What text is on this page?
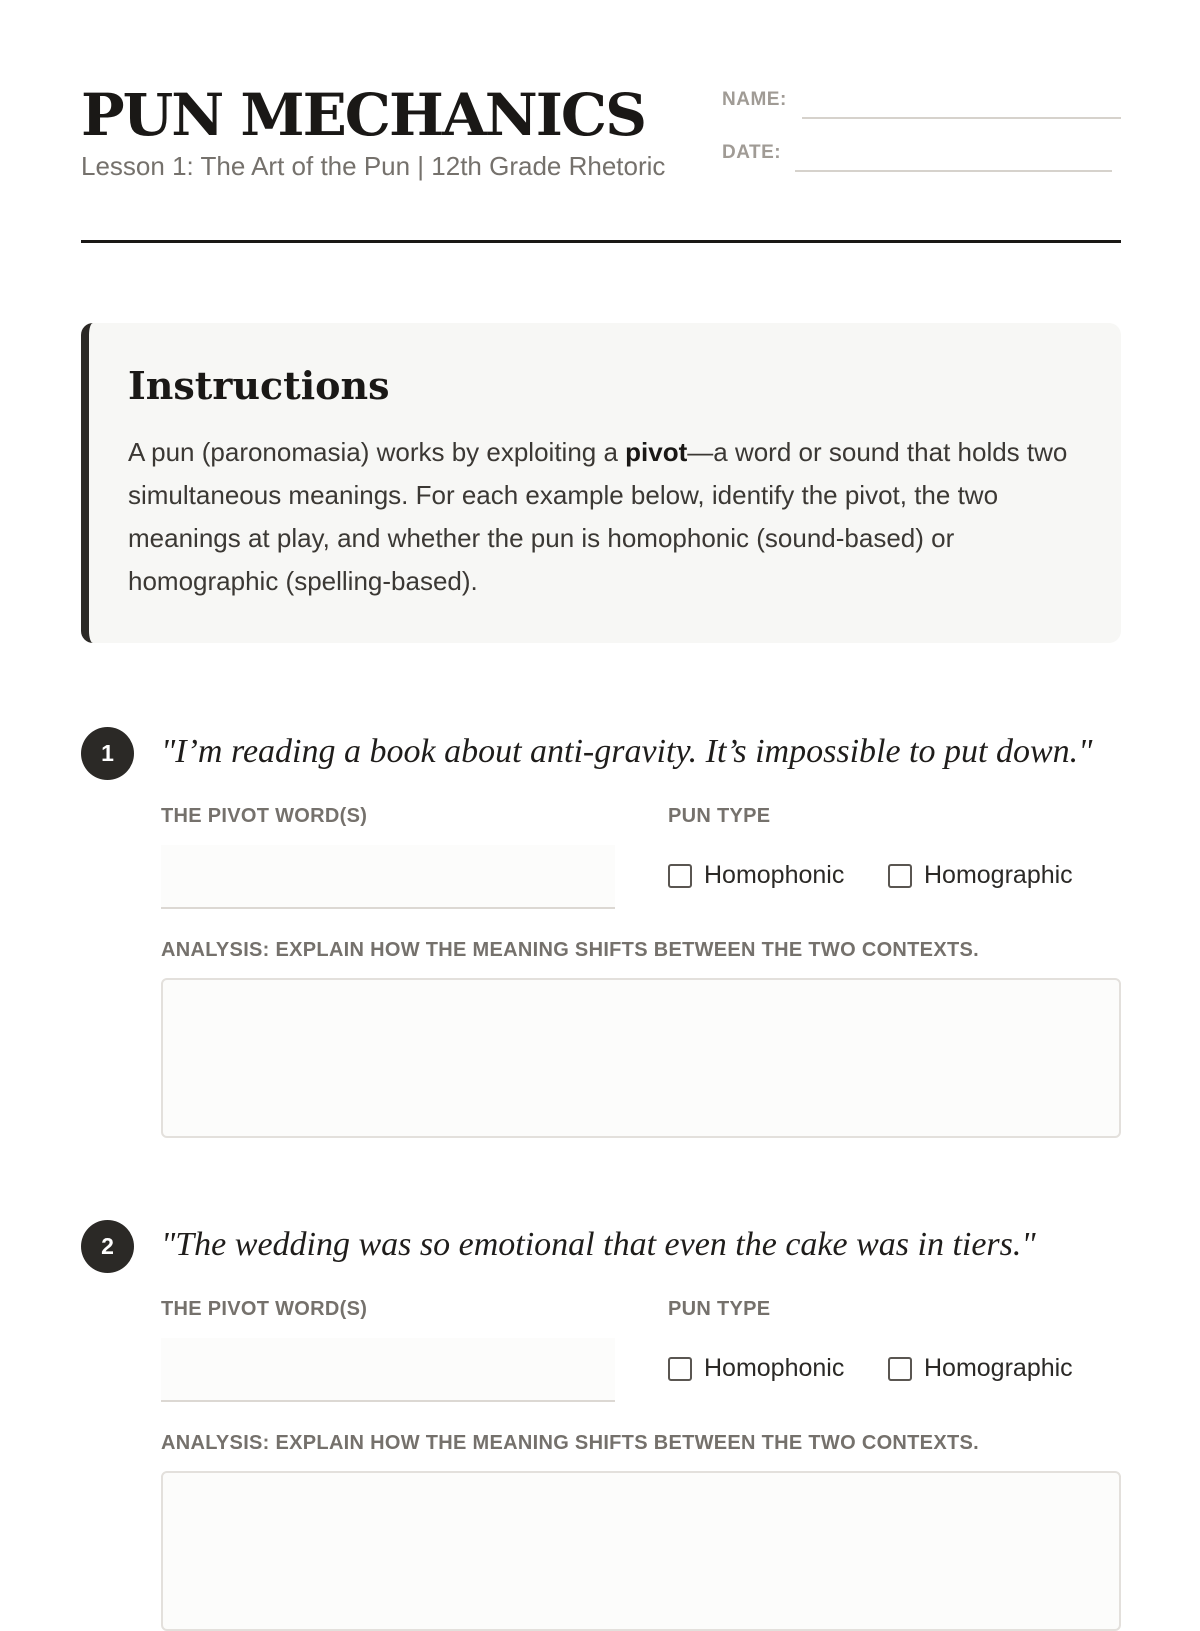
PUN MECHANICS
Lesson 1: The Art of the Pun | 12th Grade Rhetoric
NAME:
DATE:
Instructions

A pun (paronomasia) works by exploiting a pivot—a word or sound that holds two simultaneous meanings. For each example below, identify the pivot, the two meanings at play, and whether the pun is homophonic (sound-based) or homographic (spelling-based).

1	"I’m reading a book about anti-gravity. It’s impossible to put down."

THE PIVOT WORD(S)	PUN TYPE
Homophonic	Homographic
ANALYSIS: EXPLAIN HOW THE MEANING SHIFTS BETWEEN THE TWO CONTEXTS.
2	"The wedding was so emotional that even the cake was in tiers."

THE PIVOT WORD(S)	PUN TYPE
Homophonic	Homographic
ANALYSIS: EXPLAIN HOW THE MEANING SHIFTS BETWEEN THE TWO CONTEXTS.
